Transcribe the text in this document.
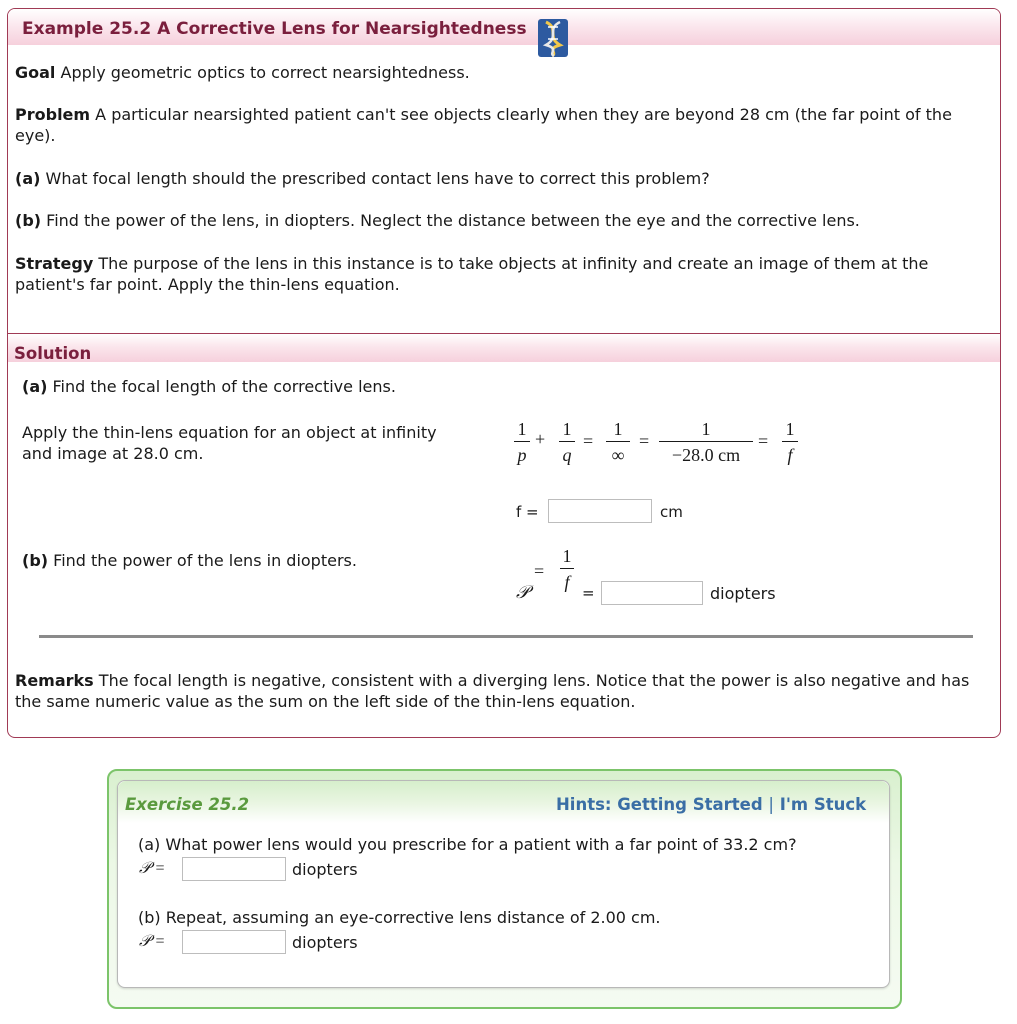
Example 25.2 A Corrective Lens for Nearsightedness
Goal Apply geometric optics to correct nearsightedness.
Problem A particular nearsighted patient can't see objects clearly when they are beyond 28 cm (the far point of the eye).
(a) What focal length should the prescribed contact lens have to correct this problem?
(b) Find the power of the lens, in diopters. Neglect the distance between the eye and the corrective lens.
Strategy The purpose of the lens in this instance is to take objects at infinity and create an image of them at the patient's far point. Apply the thin-lens equation.
Solution
(a) Find the focal length of the corrective lens.
Apply the thin-lens equation for an object at infinity
and image at 28.0 cm.
1
p
+ 1
q
=
1
∞
=
1
−28.0 cm
=
1
f
f =	cm
(b) Find the power of the lens in diopters.
𝒫
=
1
f
=	diopters
Remarks The focal length is negative, consistent with a diverging lens. Notice that the power is also negative and has the same numeric value as the sum on the left side of the thin-lens equation.
Exercise 25.2	Hints: Getting Started | I'm Stuck
(a) What power lens would you prescribe for a patient with a far point of 33.2 cm?
𝒫 =	diopters
(b) Repeat, assuming an eye-corrective lens distance of 2.00 cm.
𝒫 =	diopters
